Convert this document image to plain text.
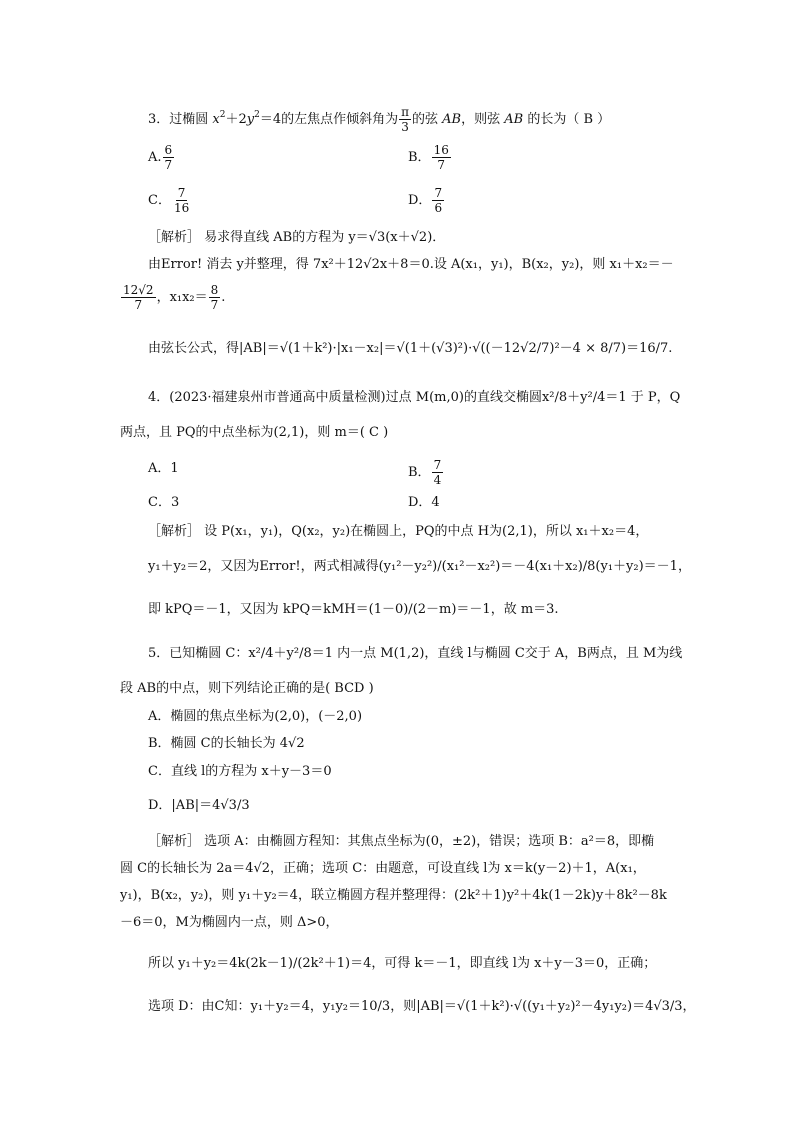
3．过椭圆 $x^2+2y^2=4$的左焦点作倾斜角为 $\frac{\pi}{3}$ 的弦 AB，则弦 AB 的长为（ B ）
A. $\frac{6}{7}$	B． $\frac{16}{7}$
C． $\frac{7}{16}$	D． $\frac{7}{6}$
［解析］ 易求得直线 AB的方程为 y＝√3(x＋√2)．
由Error! 消去 y并整理，得 7x²＋12√2x＋8＝0.设 A(x₁，y₁)，B(x₂，y₂)，则 x₁＋x₂＝－
$\frac{12√2}{7}$ ，$x_1x_2= \frac{8}{7}$ .
由弦长公式，得|AB|＝√(1＋k²)·|x₁－x₂|＝√(1＋(√3)²)·√((－12√2/7)²－4 × 8/7)＝16/7.
4．(2023·福建泉州市普通高中质量检测)过点 M(m,0)的直线交椭圆x²/8＋y²/4＝1 于 P，Q
两点，且 PQ的中点坐标为(2,1)，则 m＝( C )
A．1	B． $\frac{7}{4}$
C．3	D．4
［解析］ 设 P(x₁，y₁)，Q(x₂，y₂)在椭圆上，PQ的中点 H为(2,1)，所以 x₁＋x₂＝4，
y₁＋y₂＝2，又因为Error!，两式相减得(y₁²－y₂²)/(x₁²－x₂²)＝－4(x₁＋x₂)/8(y₁＋y₂)＝－1，
即 kPQ＝－1，又因为 kPQ＝kMH＝(1－0)/(2－m)＝－1，故 m＝3.
5．已知椭圆 C：x²/4＋y²/8＝1 内一点 M(1,2)，直线 l与椭圆 C交于 A，B两点，且 M为线
段 AB的中点，则下列结论正确的是( BCD )
A．椭圆的焦点坐标为(2,0)，(－2,0)
B．椭圆 C的长轴长为 4√2
C．直线 l的方程为 x＋y－3＝0
D．|AB|＝4√3/3
［解析］ 选项 A：由椭圆方程知：其焦点坐标为(0，±2)，错误；选项 B：a²＝8，即椭
圆 C的长轴长为 2a＝4√2，正确；选项 C：由题意，可设直线 l为 x＝k(y－2)＋1，A(x₁，
y₁)，B(x₂，y₂)，则 y₁＋y₂＝4，联立椭圆方程并整理得：(2k²＋1)y²＋4k(1－2k)y＋8k²－8k
－6＝0，M为椭圆内一点，则 Δ>0，
所以 y₁＋y₂＝4k(2k－1)/(2k²＋1)＝4，可得 k＝－1，即直线 l为 x＋y－3＝0，正确；
选项 D：由C知：y₁＋y₂＝4，y₁y₂＝10/3，则|AB|＝√(1＋k²)·√((y₁＋y₂)²－4y₁y₂)＝4√3/3，
